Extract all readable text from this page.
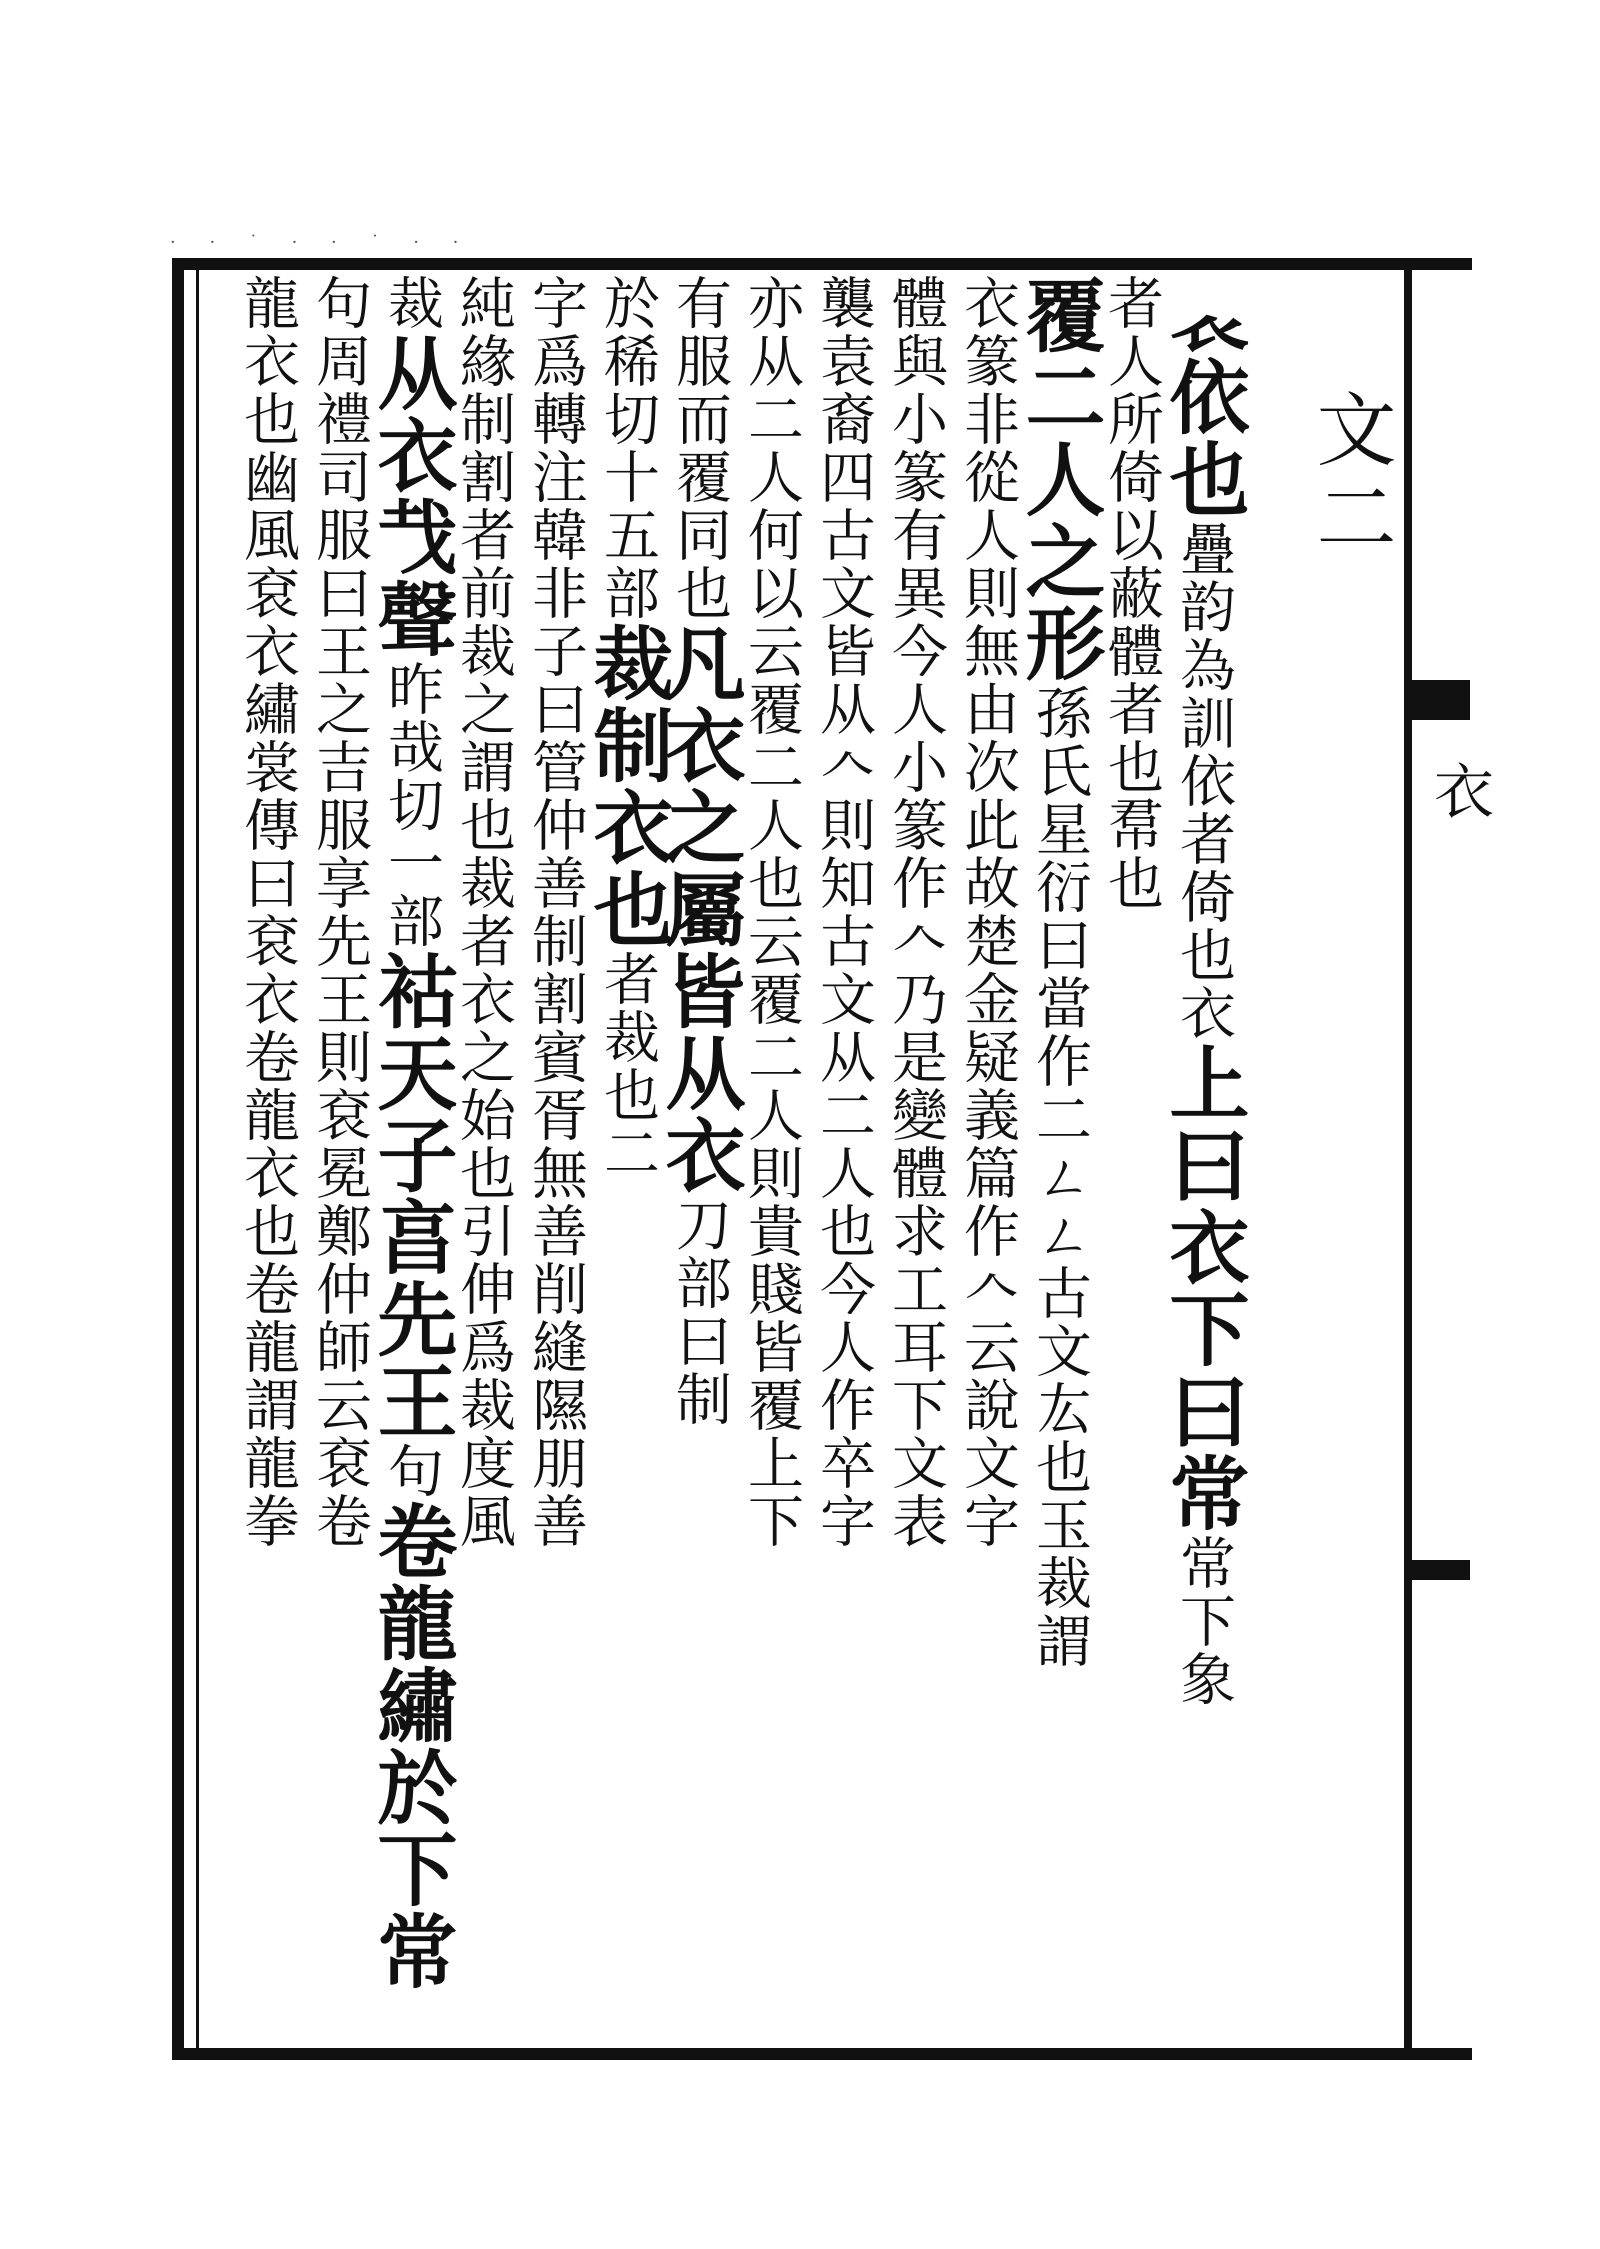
· · ˙ · · ˙ · ·
文二
衣
𧘇依也疊韵為訓依者倚也衣上曰衣下曰常常下象
者人所倚以蔽體者也帬也
覆二人之形孫氏星衍曰當作二ㄥㄥ古文厷也玉裁謂
衣篆非從人則無由次此故楚金疑義篇作𠆢云說文字
體與小篆有異今人小篆作𠆢乃是變體求工耳下文表
襲袁裔四古文皆从𠆢則知古文从二人也今人作卒字
亦从二人何以云覆二人也云覆二人則貴賤皆覆上下
有服而覆同也凡衣之屬皆从衣刀部曰制
於稀切十五部裁制衣也者裁也二
字爲轉注韓非子曰管仲善制割賓胥無善削縫隰朋善
純緣制割者前裁之謂也裁者衣之始也引伸爲裁度風
裁从衣𢦏聲昨哉切一部𧙖天子亯先王句卷龍繡於下常
句周禮司服曰王之吉服享先王則袞冕鄭仲師云袞卷
龍衣也幽風袞衣繡裳傳曰袞衣卷龍衣也卷龍謂龍拳
